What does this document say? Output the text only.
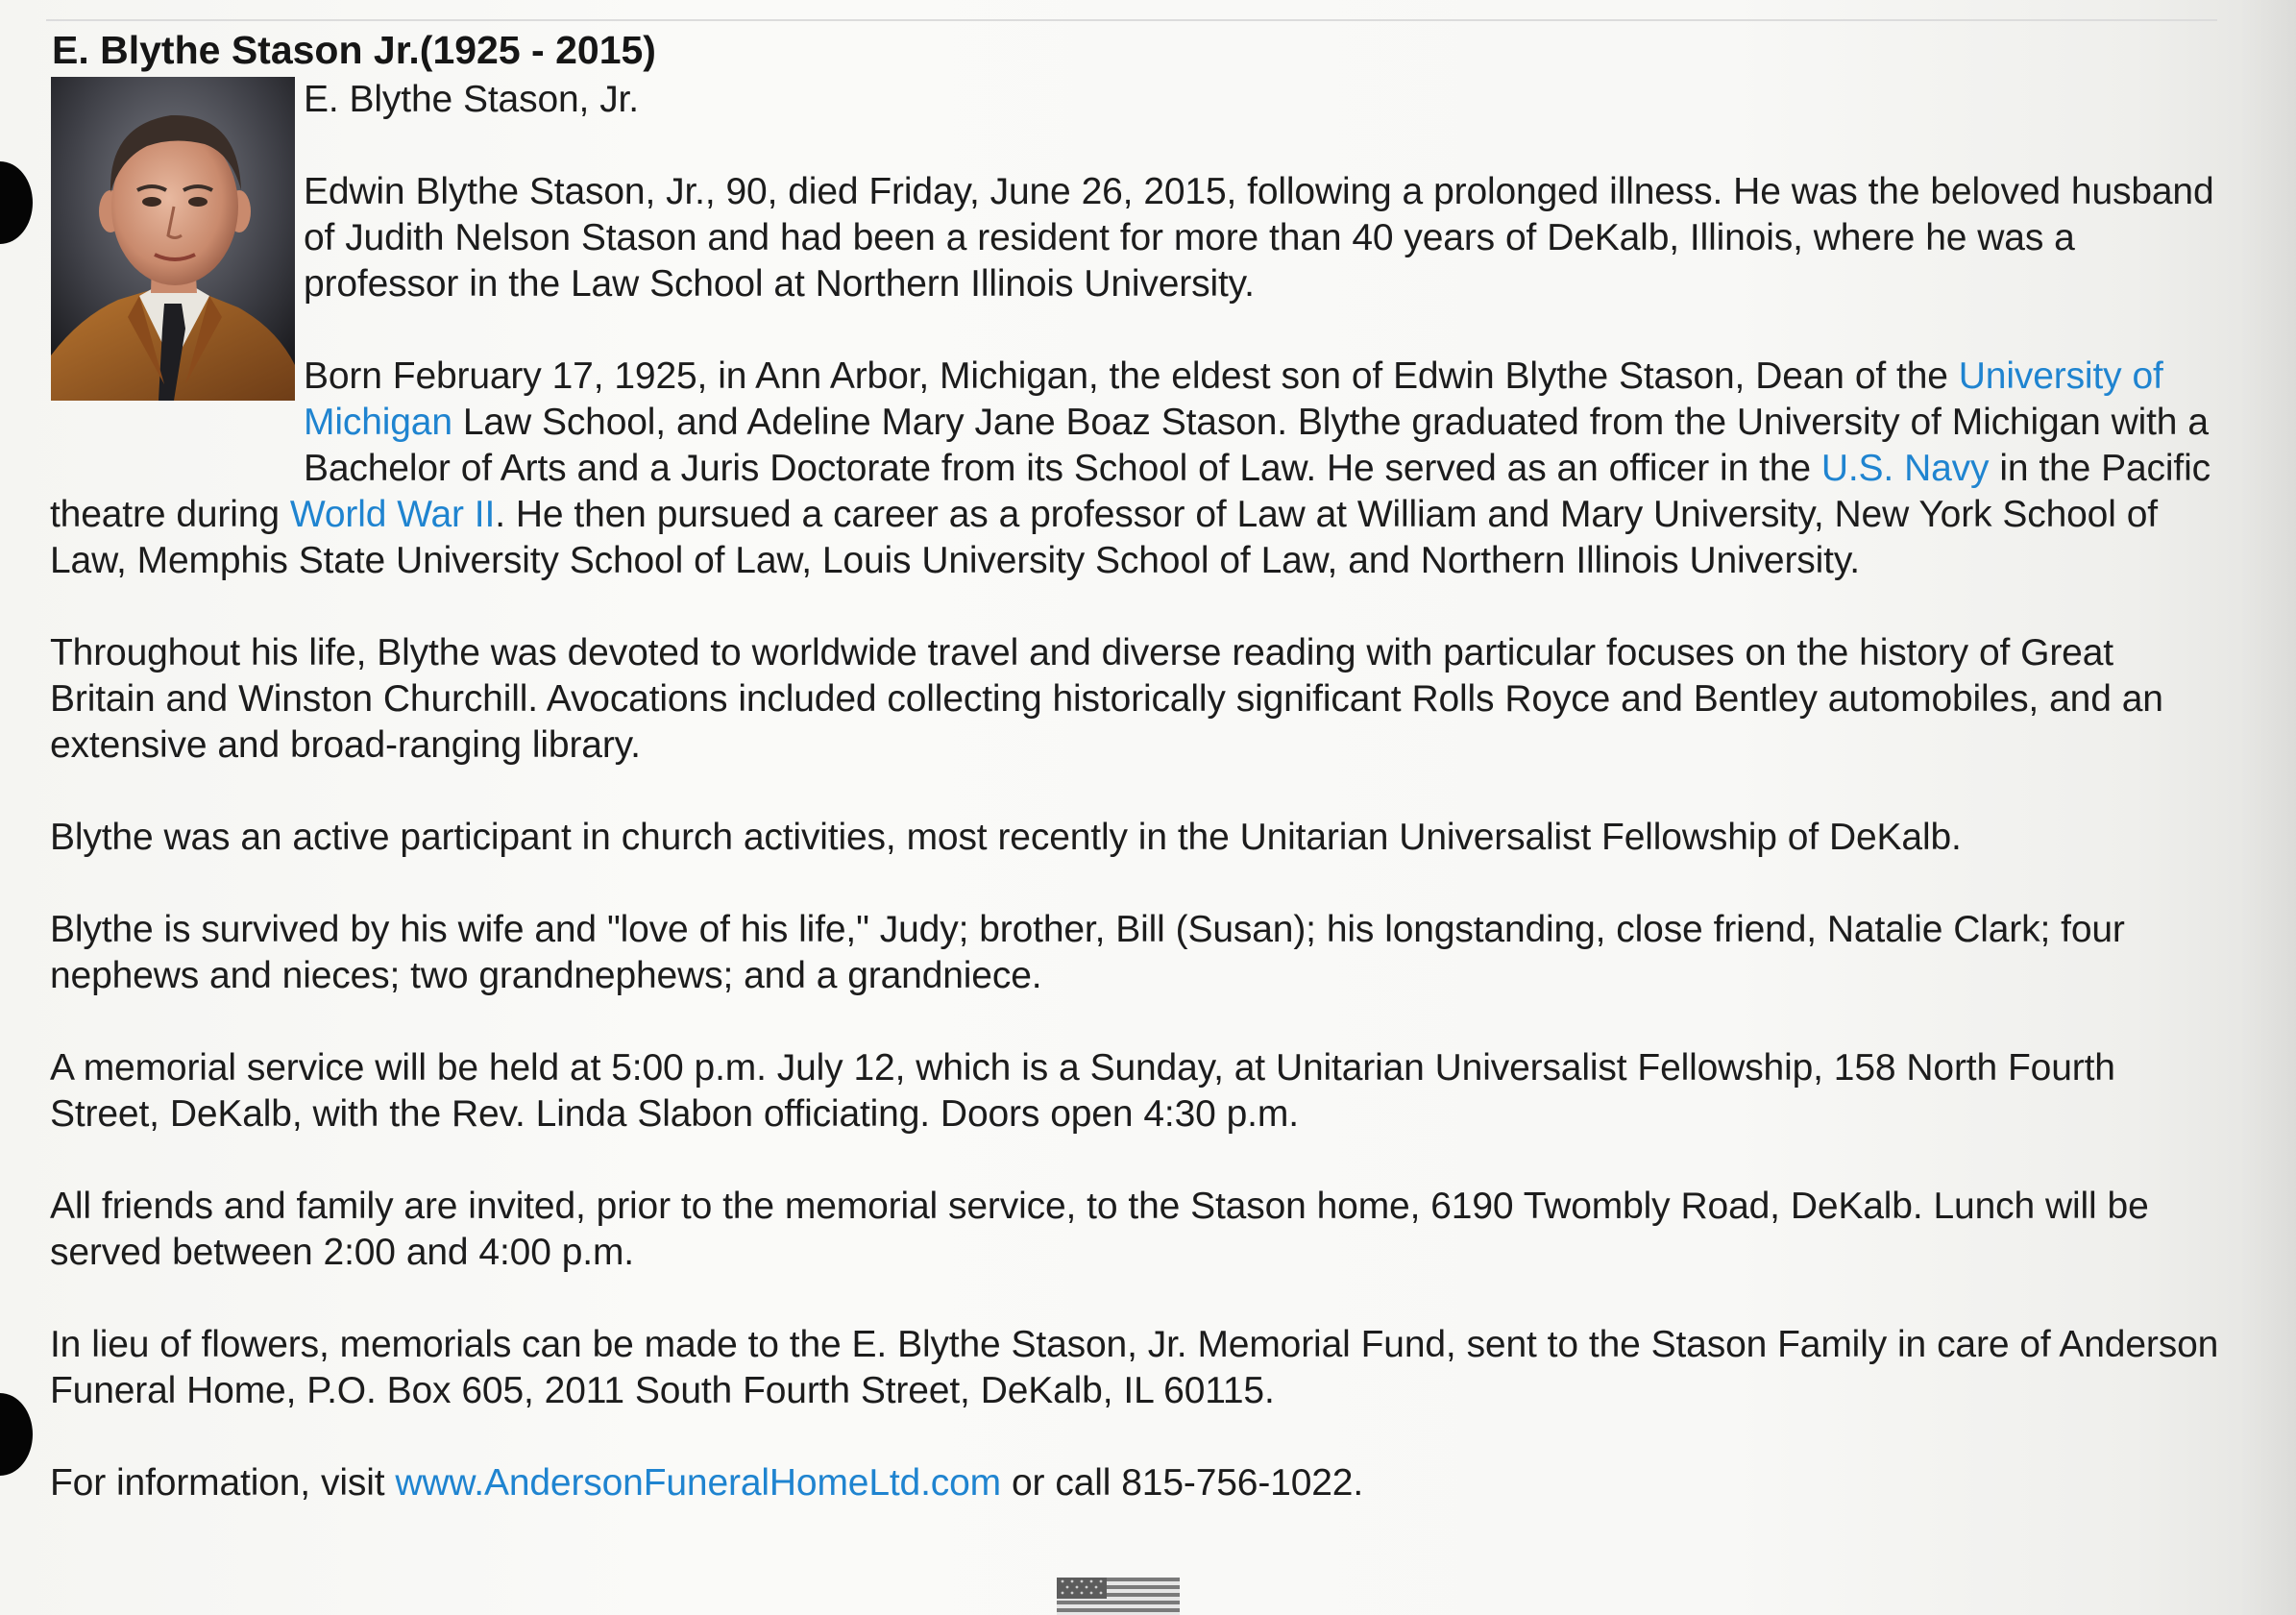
E. Blythe Stason Jr.(1925 - 2015)

E. Blythe Stason, Jr.

Edwin Blythe Stason, Jr., 90, died Friday, June 26, 2015, following a prolonged illness. He was the beloved husband of Judith Nelson Stason and had been a resident for more than 40 years of DeKalb, Illinois, where he was a professor in the Law School at Northern Illinois University.

Born February 17, 1925, in Ann Arbor, Michigan, the eldest son of Edwin Blythe Stason, Dean of the University of Michigan Law School, and Adeline Mary Jane Boaz Stason. Blythe graduated from the University of Michigan with a Bachelor of Arts and a Juris Doctorate from its School of Law. He served as an officer in the U.S. Navy in the Pacific theatre during World War II. He then pursued a career as a professor of Law at William and Mary University, New York School of Law, Memphis State University School of Law, Louis University School of Law, and Northern Illinois University.

Throughout his life, Blythe was devoted to worldwide travel and diverse reading with particular focuses on the history of Great Britain and Winston Churchill. Avocations included collecting historically significant Rolls Royce and Bentley automobiles, and an extensive and broad-ranging library.

Blythe was an active participant in church activities, most recently in the Unitarian Universalist Fellowship of DeKalb.

Blythe is survived by his wife and "love of his life," Judy; brother, Bill (Susan); his longstanding, close friend, Natalie Clark; four nephews and nieces; two grandnephews; and a grandniece.

A memorial service will be held at 5:00 p.m. July 12, which is a Sunday, at Unitarian Universalist Fellowship, 158 North Fourth Street, DeKalb, with the Rev. Linda Slabon officiating. Doors open 4:30 p.m.

All friends and family are invited, prior to the memorial service, to the Stason home, 6190 Twombly Road, DeKalb. Lunch will be served between 2:00 and 4:00 p.m.

In lieu of flowers, memorials can be made to the E. Blythe Stason, Jr. Memorial Fund, sent to the Stason Family in care of Anderson Funeral Home, P.O. Box 605, 2011 South Fourth Street, DeKalb, IL 60115.

For information, visit www.AndersonFuneralHomeLtd.com or call 815-756-1022.
